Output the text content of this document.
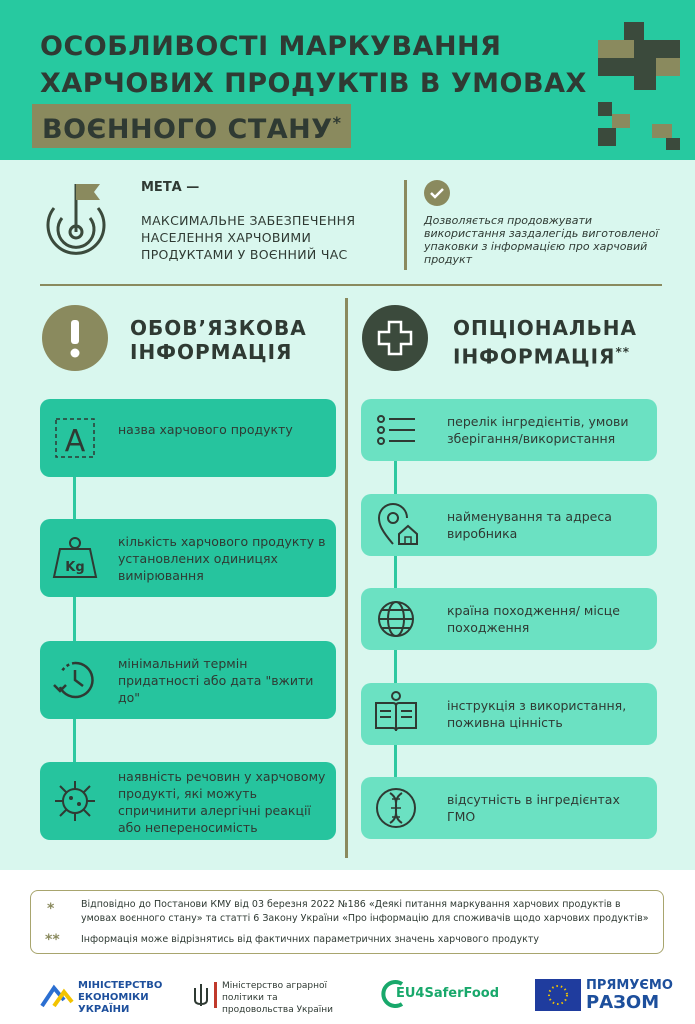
ОСОБЛИВОСТІ МАРКУВАННЯ
ХАРЧОВИХ ПРОДУКТІВ В УМОВАХ
ВОЄННОГО СТАНУ*
МЕТА —
МАКСИМАЛЬНЕ ЗАБЕЗПЕЧЕННЯ НАСЕЛЕННЯ ХАРЧОВИМИ ПРОДУКТАМИ У ВОЄННИЙ ЧАС
Дозволяється продовжувати використання заздалегідь виготовленої упаковки з інформацією про харчовий продукт
ОБОВ’ЯЗКОВА
ІНФОРМАЦІЯ
ОПЦІОНАЛЬНА
ІНФОРМАЦІЯ**
A	назва харчового продукту
Kg
кількість харчового продукту в установлених одиницях вимірювання
мінімальний термін придатності або дата "вжити до"
наявність речовин у харчовому продукті, які можуть спричинити алергічні реакції або непереносимість
перелік інгредієнтів, умови зберігання/використання
найменування та адреса виробника
країна походження/ місце походження
інструкція з використання, поживна цінність
відсутність в інгредієнтах ГМО
*	Відповідно до Постанови КМУ від 03 березня 2022 №186 «Деякі питання маркування харчових продуктів в умовах воєнного стану» та статті 6 Закону України «Про інформацію для споживачів щодо харчових продуктів»
** Інформація може відрізнятись від фактичних параметричних значень харчового продукту
МІНІСТЕРСТВО ЕКОНОМІКИ УКРАЇНИ
Міністерство аграрної політики та продовольства України
EU4SaferFood
ПРЯМУЄМО
РАЗОМ
